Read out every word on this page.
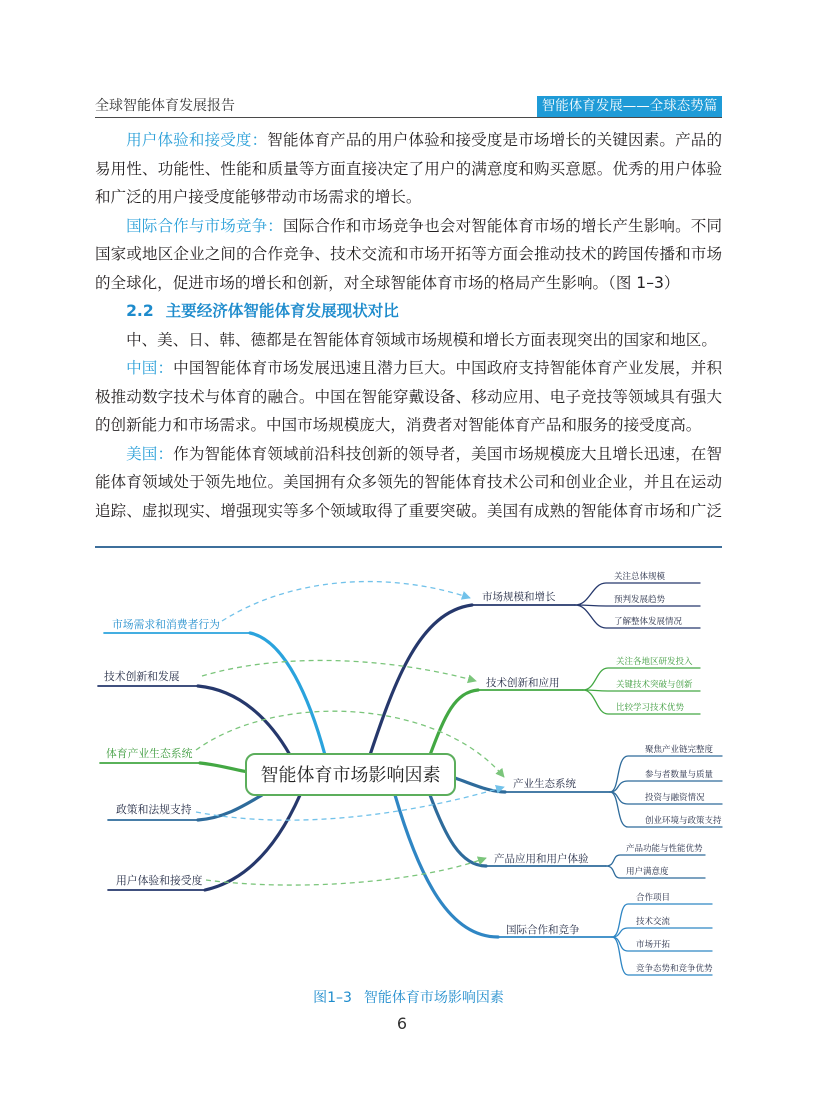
全球智能体育发展报告	智能体育发展——全球态势篇

用户体验和接受度：智能体育产品的用户体验和接受度是市场增长的关键因素。产品的易用性、功能性、性能和质量等方面直接决定了用户的满意度和购买意愿。优秀的用户体验和广泛的用户接受度能够带动市场需求的增长。

国际合作与市场竞争：国际合作和市场竞争也会对智能体育市场的增长产生影响。不同国家或地区企业之间的合作竞争、技术交流和市场开拓等方面会推动技术的跨国传播和市场的全球化，促进市场的增长和创新，对全球智能体育市场的格局产生影响。（图 1–3）

2.2 主要经济体智能体育发展现状对比

中、美、日、韩、德都是在智能体育领域市场规模和增长方面表现突出的国家和地区。

中国：中国智能体育市场发展迅速且潜力巨大。中国政府支持智能体育产业发展，并积极推动数字技术与体育的融合。中国在智能穿戴设备、移动应用、电子竞技等领域具有强大的创新能力和市场需求。中国市场规模庞大，消费者对智能体育产品和服务的接受度高。

美国：作为智能体育领域前沿科技创新的领导者，美国市场规模庞大且增长迅速，在智能体育领域处于领先地位。美国拥有众多领先的智能体育技术公司和创业企业，并且在运动追踪、虚拟现实、增强现实等多个领域取得了重要突破。美国有成熟的智能体育市场和广泛

市场需求和消费者行为
技术创新和发展
体育产业生态系统
政策和法规支持
用户体验和接受度
市场规模和增长
关注总体规模
预判发展趋势
了解整体发展情况
技术创新和应用
关注各地区研发投入
关键技术突破与创新
比较学习技术优势
产业生态系统
聚焦产业链完整度
参与者数量与质量
投资与融资情况
创业环境与政策支持
产品应用和用户体验
产品功能与性能优势
用户满意度
国际合作和竞争
合作项目
技术交流
市场开拓
竞争态势和竞争优势
智能体育市场影响因素
图1–3 智能体育市场影响因素
6
